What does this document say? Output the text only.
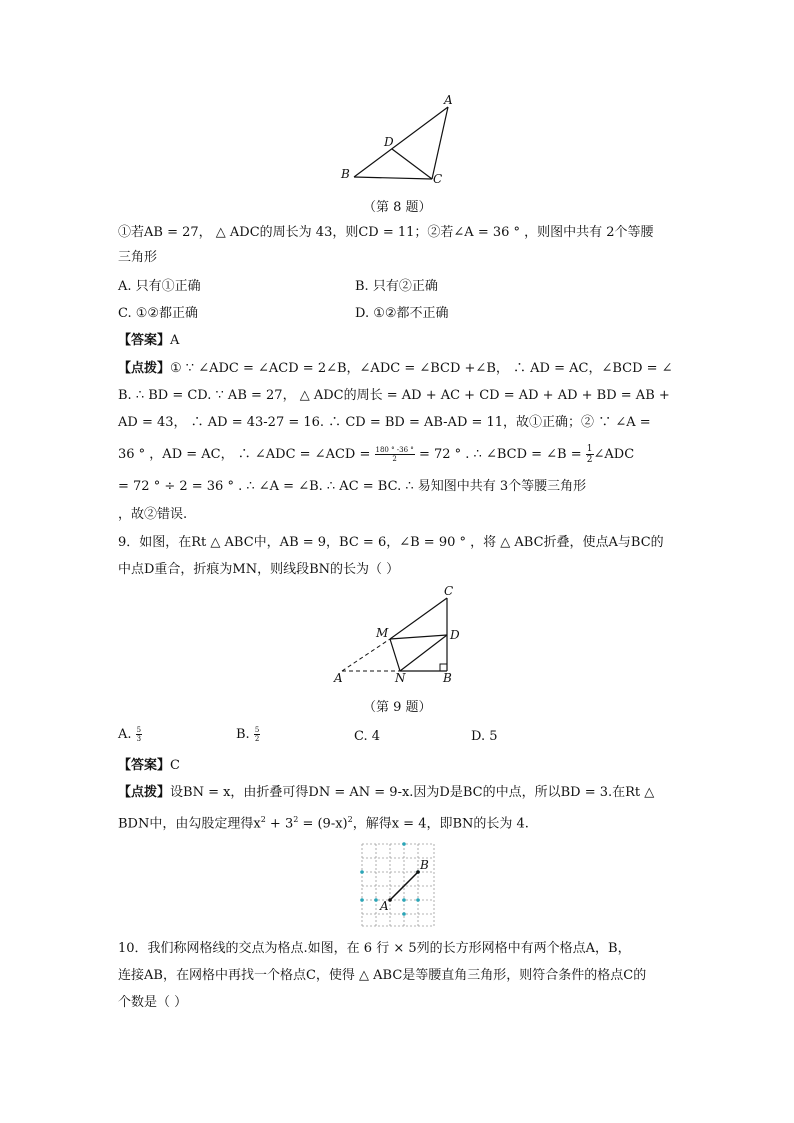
A
B	C
D
（第 8 题）
①若AB = 27， △ ADC的周长为 43，则CD = 11；②若∠A = 36 ° ，则图中共有 2个等腰
三角形
A. 只有①正确	B. 只有②正确
C. ①②都正确	D. ①②都不正确
【答案】A
【点拨】① ∵ ∠ADC = ∠ACD = 2∠B，∠ADC = ∠BCD +∠B， ∴ AD = AC，∠BCD = ∠
B. ∴ BD = CD. ∵ AB = 27， △ ADC的周长 = AD + AC + CD = AD + AD + BD = AB +
AD = 43， ∴ AD = 43-27 = 16. ∴ CD = BD = AB-AD = 11，故①正确；② ∵ ∠A =
36 ° ，AD = AC， ∴ ∠ADC = ∠ACD = $\frac{180 ^\circ -36 ^\circ}{2} = 72$ ° . ∴ ∠BCD = ∠B = $\frac{1}{2}$ ∠ADC
= 72 ° ÷ 2 = 36 ° . ∴ ∠A = ∠B. ∴ AC = BC. ∴ 易知图中共有 3个等腰三角形
，故②错误.
9．如图，在Rt △ ABC中，AB = 9，BC = 6，∠B = 90 ° ，将 △ ABC折叠，使点A与BC的
中点D重合，折痕为MN，则线段BN的长为（ ）
A	N	B
M	D
C
（第 9 题）
A. $\frac{5}{3}$	B. $\frac{5}{2}$	C. 4	D. 5
【答案】C
【点拨】设BN = x，由折叠可得DN = AN = 9-x.因为D是BC的中点，所以BD = 3.在Rt △
BDN中，由勾股定理得$x^2 + 3^2 = (9-x)^2$，解得x = 4，即BN的长为 4.
A
B
10．我们称网格线的交点为格点.如图，在 6 行 × 5列的长方形网格中有两个格点A，B，
连接AB，在网格中再找一个格点C，使得 △ ABC是等腰直角三角形，则符合条件的格点C的
个数是（ ）
